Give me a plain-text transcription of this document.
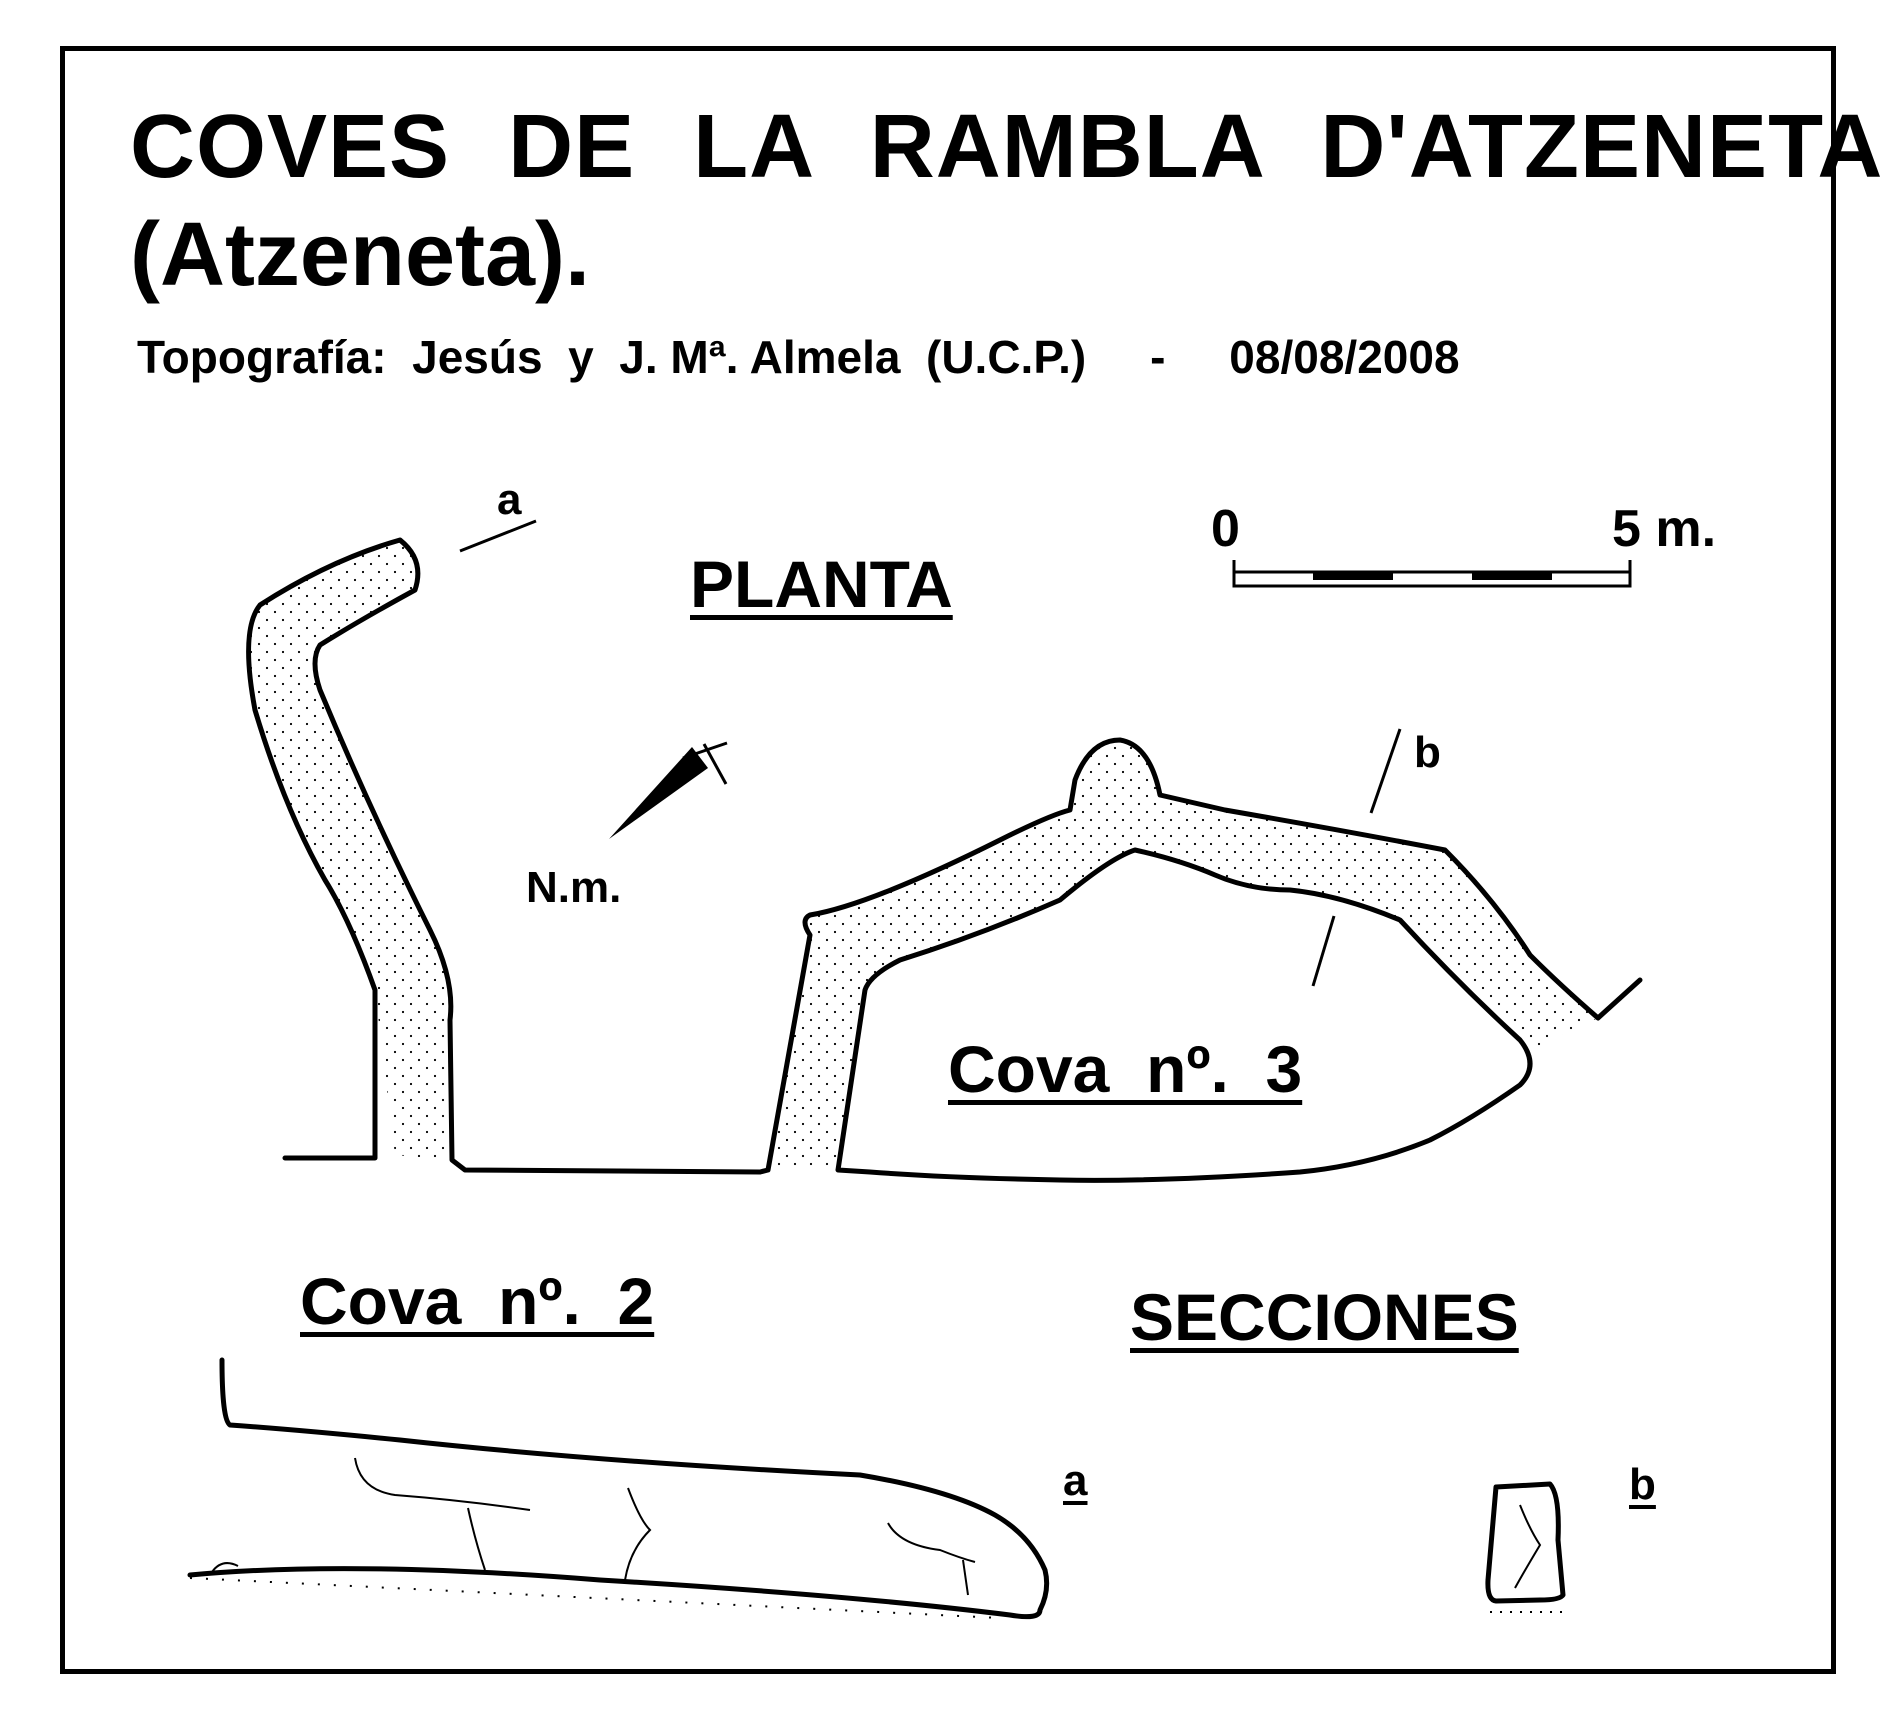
COVES DE LA RAMBLA D'ATZENETA
(Atzeneta).
Topografía:  Jesús  y  J. Mª. Almela  (U.C.P.)     -     08/08/2008
a
PLANTA
0	5 m.
b
N.m.
Cova  nº.  3
Cova  nº.  2	SECCIONES
a	b
